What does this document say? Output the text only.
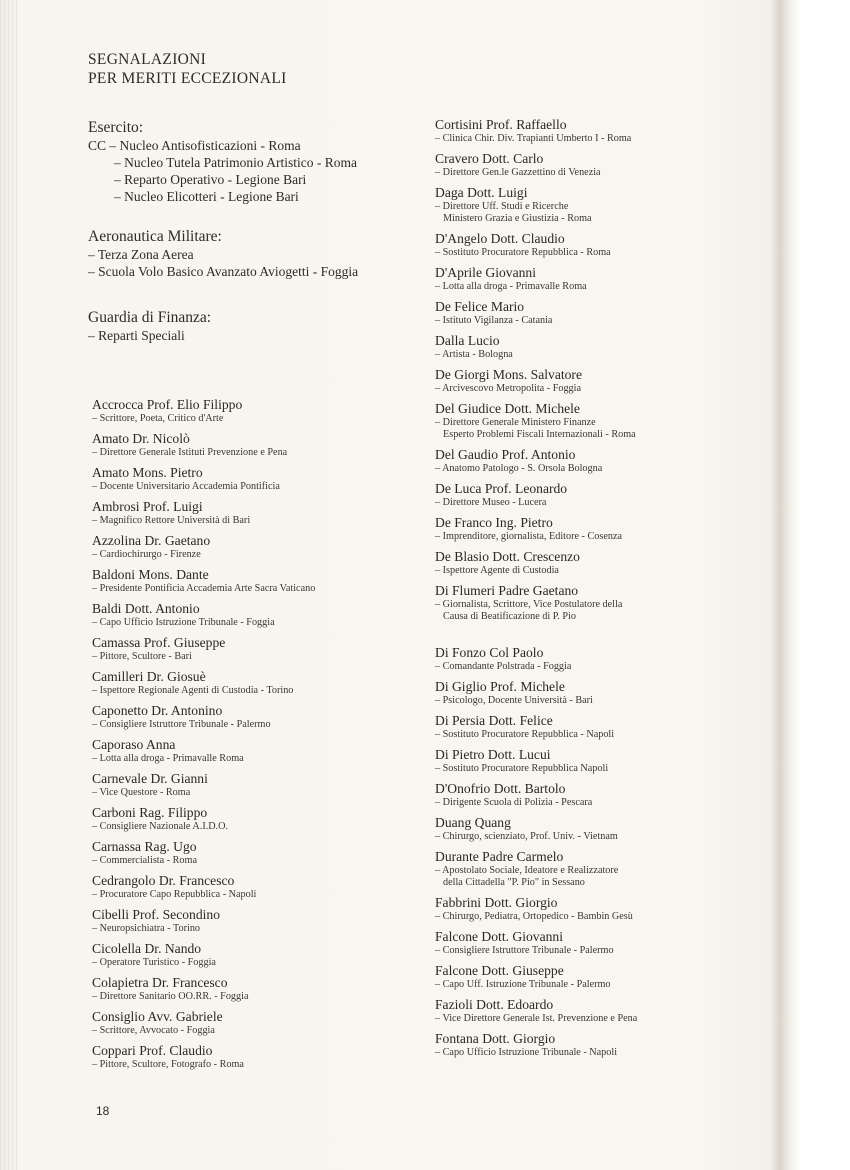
SEGNALAZIONI
PER MERITI ECCEZIONALI
Esercito:
CC – Nucleo Antisofisticazioni - Roma
– Nucleo Tutela Patrimonio Artistico - Roma
– Reparto Operativo - Legione Bari
– Nucleo Elicotteri - Legione Bari
Aeronautica Militare:
– Terza Zona Aerea
– Scuola Volo Basico Avanzato Aviogetti - Foggia
Guardia di Finanza:
– Reparti Speciali
Accrocca Prof. Elio Filippo
– Scrittore, Poeta, Critico d'Arte
Amato Dr. Nicolò
– Direttore Generale Istituti Prevenzione e Pena
Amato Mons. Pietro
– Docente Universitario Accademia Pontificia
Ambrosi Prof. Luigi
– Magnifico Rettore Università di Bari
Azzolina Dr. Gaetano
– Cardiochirurgo - Firenze
Baldoni Mons. Dante
– Presidente Pontificia Accademia Arte Sacra Vaticano
Baldi Dott. Antonio
– Capo Ufficio Istruzione Tribunale - Foggia
Camassa Prof. Giuseppe
– Pittore, Scultore - Bari
Camilleri Dr. Giosuè
– Ispettore Regionale Agenti di Custodia - Torino
Caponetto Dr. Antonino
– Consigliere Istruttore Tribunale - Palermo
Caporaso Anna
– Lotta alla droga - Primavalle Roma
Carnevale Dr. Gianni
– Vice Questore - Roma
Carboni Rag. Filippo
– Consigliere Nazionale A.I.D.O.
Carnassa Rag. Ugo
– Commercialista - Roma
Cedrangolo Dr. Francesco
– Procuratore Capo Repubblica - Napoli
Cibelli Prof. Secondino
– Neuropsichiatra - Torino
Cicolella Dr. Nando
– Operatore Turistico - Foggia
Colapietra Dr. Francesco
– Direttore Sanitario OO.RR. - Foggia
Consiglio Avv. Gabriele
– Scrittore, Avvocato - Foggia
Coppari Prof. Claudio
– Pittore, Scultore, Fotografo - Roma
Cortisini Prof. Raffaello
– Clinica Chir. Div. Trapianti Umberto I - Roma
Cravero Dott. Carlo
– Direttore Gen.le Gazzettino di Venezia
Daga Dott. Luigi
– Direttore Uff. Studi e Ricerche
Ministero Grazia e Giustizia - Roma
D'Angelo Dott. Claudio
– Sostituto Procuratore Repubblica - Roma
D'Aprile Giovanni
– Lotta alla droga - Primavalle Roma
De Felice Mario
– Istituto Vigilanza - Catania
Dalla Lucio
– Artista - Bologna
De Giorgi Mons. Salvatore
– Arcivescovo Metropolita - Foggia
Del Giudice Dott. Michele
– Direttore Generale Ministero Finanze
Esperto Problemi Fiscali Internazionali - Roma
Del Gaudio Prof. Antonio
– Anatomo Patologo - S. Orsola Bologna
De Luca Prof. Leonardo
– Direttore Museo - Lucera
De Franco Ing. Pietro
– Imprenditore, giornalista, Editore - Cosenza
De Blasio Dott. Crescenzo
– Ispettore Agente di Custodia
Di Flumeri Padre Gaetano
– Giornalista, Scrittore, Vice Postulatore della
Causa di Beatificazione di P. Pio
Di Fonzo Col Paolo
– Comandante Polstrada - Foggia
Di Giglio Prof. Michele
– Psicologo, Docente Università - Bari
Di Persia Dott. Felice
– Sostituto Procuratore Repubblica - Napoli
Di Pietro Dott. Lucui
– Sostituto Procuratore Repubblica Napoli
D'Onofrio Dott. Bartolo
– Dirigente Scuola di Polizia - Pescara
Duang Quang
– Chirurgo, scienziato, Prof. Univ. - Vietnam
Durante Padre Carmelo
– Apostolato Sociale, Ideatore e Realizzatore
della Cittadella "P. Pio" in Sessano
Fabbrini Dott. Giorgio
– Chirurgo, Pediatra, Ortopedico - Bambin Gesù
Falcone Dott. Giovanni
– Consigliere Istruttore Tribunale - Palermo
Falcone Dott. Giuseppe
– Capo Uff. Istruzione Tribunale - Palermo
Fazioli Dott. Edoardo
– Vice Direttore Generale Ist. Prevenzione e Pena
Fontana Dott. Giorgio
– Capo Ufficio Istruzione Tribunale - Napoli
18
